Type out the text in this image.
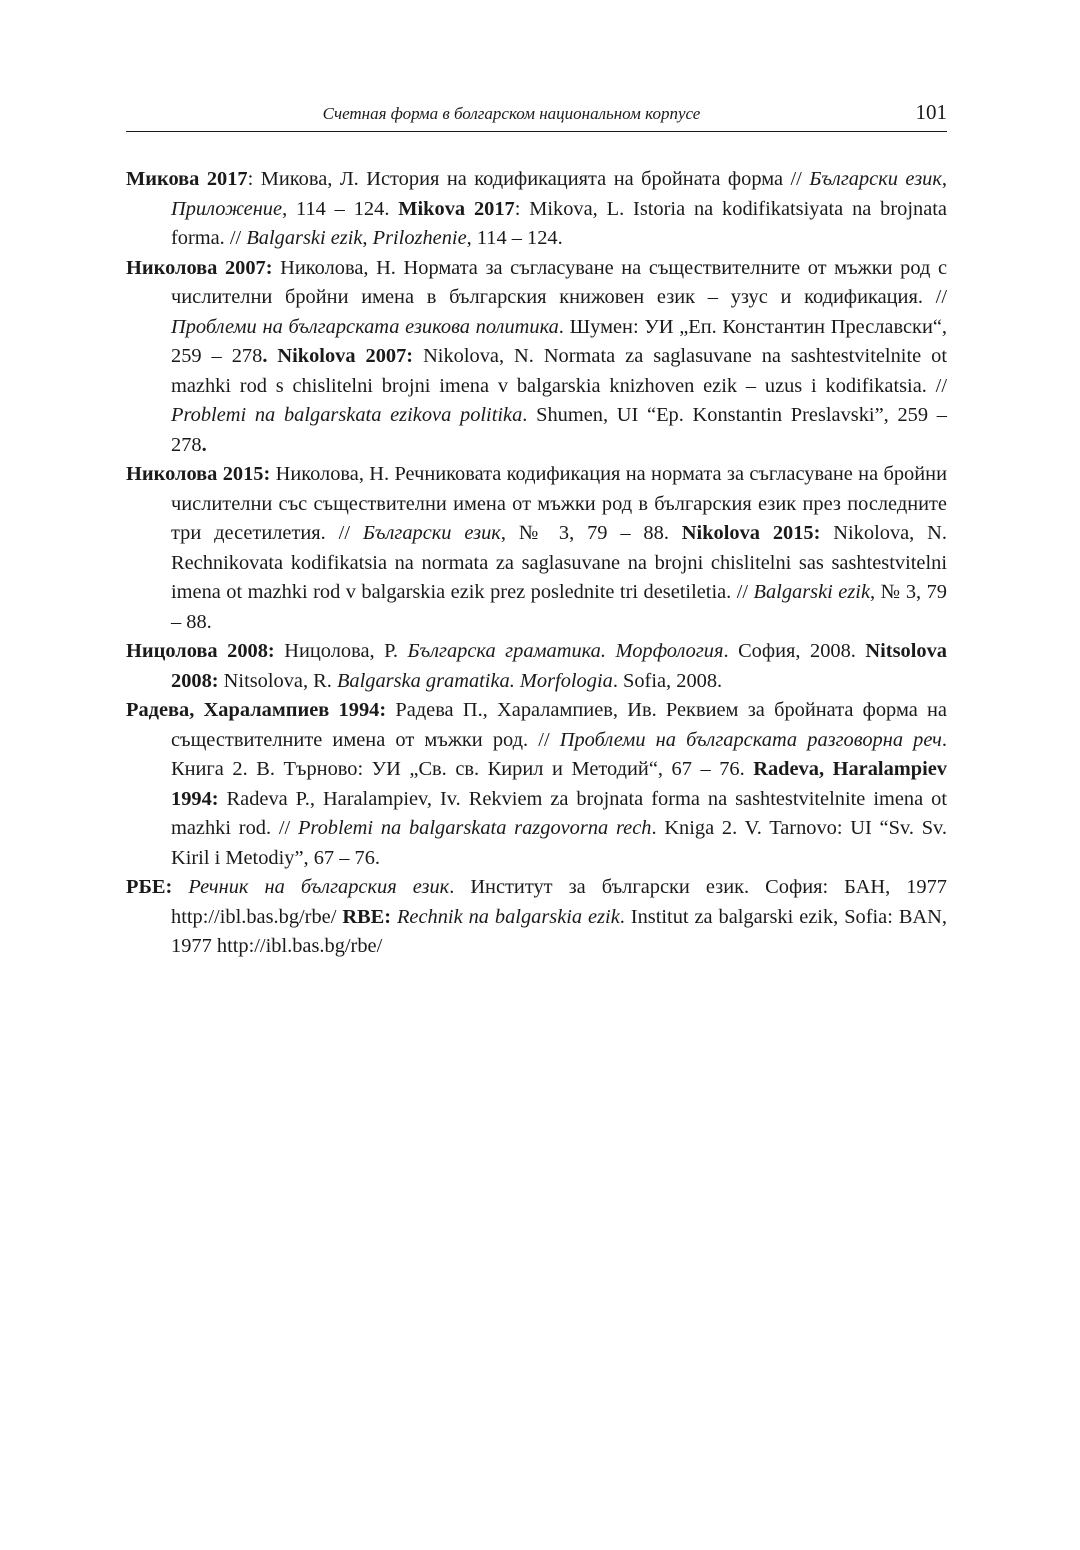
Счетная форма в болгарском национальном корпусе	101

Микова 2017: Микова, Л. История на кодификацията на бройната форма // Български език, Приложение, 114 – 124. Mikova 2017: Mikova, L. Istoria na kodifikatsiyata na brojnata forma. // Balgarski ezik, Prilozhenie, 114 – 124.

Николова 2007: Николова, Н. Нормата за съгласуване на съществителните от мъжки род с числителни бройни имена в българския книжовен език – узус и кодификация. // Проблеми на българската езикова политика. Шумен: УИ „Еп. Константин Преславски“, 259 – 278. Nikolova 2007: Nikolova, N. Normata za saglasuvane na sashtestvitelnite ot mazhki rod s chislitelni brojni imena v balgarskia knizhoven ezik – uzus i kodifikatsia. // Problemi na balgarskata ezikova politika. Shumen, UI “Ep. Konstantin Preslavski”, 259 – 278.

Николова 2015: Николова, Н. Речниковата кодификация на нормата за съгласуване на бройни числителни със съществителни имена от мъжки род в българския език през последните три десетилетия. // Български език, № 3, 79 – 88. Nikolova 2015: Nikolova, N. Rechnikovata kodifikatsia na normata za saglasuvane na brojni chislitelni sas sashtestvitelni imena ot mazhki rod v balgarskia ezik prez poslednite tri desetiletia. // Balgarski ezik, № 3, 79 – 88.

Ницолова 2008: Ницолова, Р. Българска граматика. Морфология. София, 2008. Nitsolova 2008: Nitsolova, R. Balgarska gramatika. Morfologia. Sofia, 2008.

Радева, Харалампиев 1994: Радева П., Харалампиев, Ив. Реквием за бройната форма на съществителните имена от мъжки род. // Проблеми на българската разговорна реч. Книга 2. В. Търново: УИ „Св. св. Кирил и Методий“, 67 – 76. Radeva, Haralampiev 1994: Radeva P., Haralampiev, Iv. Rekviem za brojnata forma na sashtestvitelnite imena ot mazhki rod. // Problemi na balgarskata razgovorna rech. Kniga 2. V. Tarnovo: UI “Sv. Sv. Kiril i Metodiy”, 67 – 76.

РБЕ: Речник на българския език. Институт за български език. София: БАН, 1977 http://ibl.bas.bg/rbe/ RBE: Rechnik na balgarskia ezik. Institut za balgarski ezik, Sofia: BAN, 1977 http://ibl.bas.bg/rbe/
